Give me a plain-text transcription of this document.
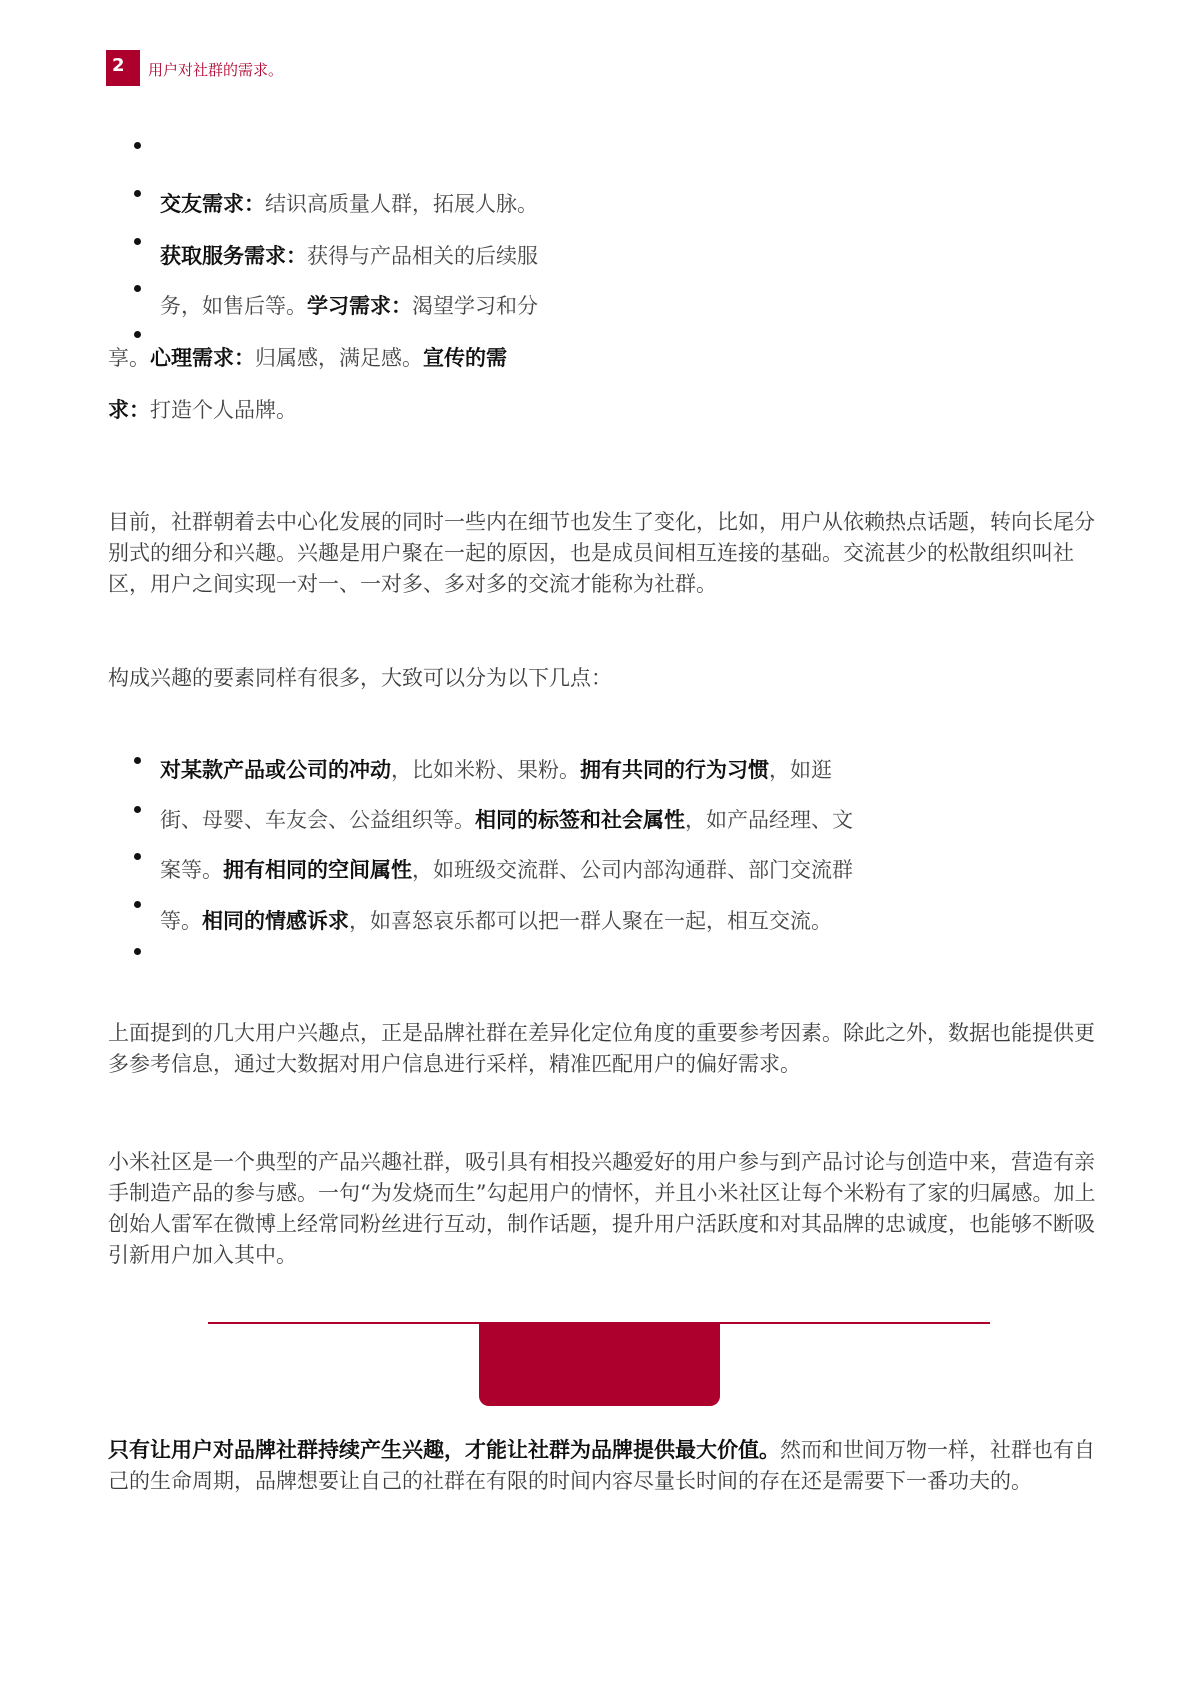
2 用户对社群的需求。
交友需求：结识高质量人群，拓展人脉。
获取服务需求：获得与产品相关的后续服
务，如售后等。学习需求：渴望学习和分
享。心理需求：归属感，满足感。宣传的需
求：打造个人品牌。
目前，社群朝着去中心化发展的同时一些内在细节也发生了变化，比如，用户从依赖热点话题，转向长尾分别式的细分和兴趣。兴趣是用户聚在一起的原因，也是成员间相互连接的基础。交流甚少的松散组织叫社区，用户之间实现一对一、一对多、多对多的交流才能称为社群。
构成兴趣的要素同样有很多，大致可以分为以下几点：
对某款产品或公司的冲动，比如米粉、果粉。拥有共同的行为习惯，如逛
街、母婴、车友会、公益组织等。相同的标签和社会属性，如产品经理、文
案等。拥有相同的空间属性，如班级交流群、公司内部沟通群、部门交流群
等。相同的情感诉求，如喜怒哀乐都可以把一群人聚在一起，相互交流。
上面提到的几大用户兴趣点，正是品牌社群在差异化定位角度的重要参考因素。除此之外，数据也能提供更多参考信息，通过大数据对用户信息进行采样，精准匹配用户的偏好需求。
小米社区是一个典型的产品兴趣社群，吸引具有相投兴趣爱好的用户参与到产品讨论与创造中来，营造有亲手制造产品的参与感。一句“为发烧而生”勾起用户的情怀，并且小米社区让每个米粉有了家的归属感。加上创始人雷军在微博上经常同粉丝进行互动，制作话题，提升用户活跃度和对其品牌的忠诚度，也能够不断吸引新用户加入其中。
只有让用户对品牌社群持续产生兴趣，才能让社群为品牌提供最大价值。然而和世间万物一样，社群也有自己的生命周期，品牌想要让自己的社群在有限的时间内容尽量长时间的存在还是需要下一番功夫的。
